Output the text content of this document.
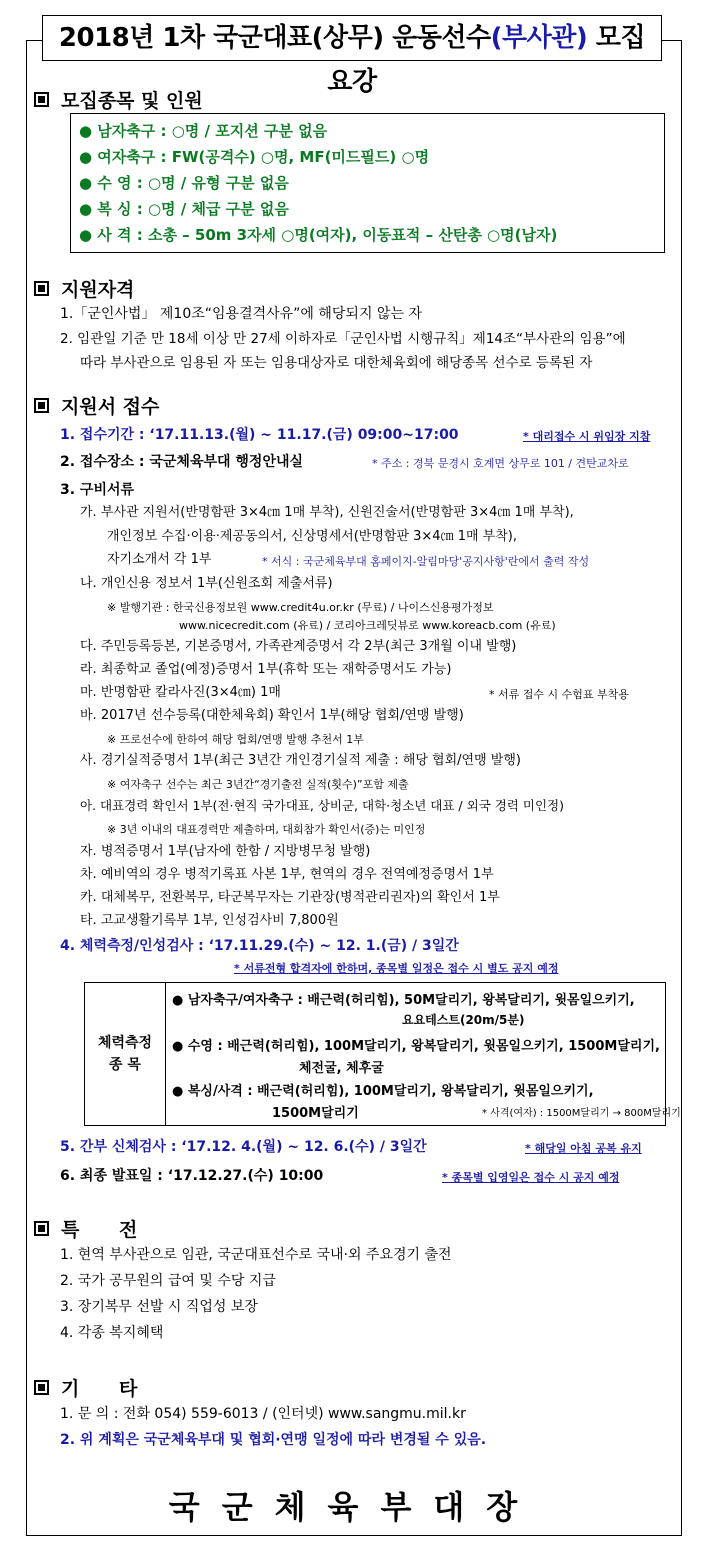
2018년 1차 국군대표(상무) 운동선수(부사관) 모집 요강
모집종목 및 인원
● 남자축구 : ○명 / 포지션 구분 없음
● 여자축구 : FW(공격수) ○명, MF(미드필드) ○명
● 수 영 : ○명 / 유형 구분 없음
● 복 싱 : ○명 / 체급 구분 없음
● 사 격 : 소총 – 50m 3자세 ○명(여자), 이동표적 – 산탄총 ○명(남자)
지원자격
1.「군인사법」 제10조“임용결격사유”에 해당되지 않는 자
2. 임관일 기준 만 18세 이상 만 27세 이하자로「군인사법 시행규칙」제14조“부사관의 임용”에
따라 부사관으로 임용된 자 또는 임용대상자로 대한체육회에 해당종목 선수로 등록된 자
지원서 접수
1. 접수기간 : ‘17.11.13.(월) ~ 11.17.(금) 09:00~17:00	* 대리접수 시 위임장 지참
2. 접수장소 : 국군체육부대 행정안내실	* 주소 : 경북 문경시 호계면 상무로 101 / 견탄교차로
3. 구비서류
가. 부사관 지원서(반명함판 3×4㎝ 1매 부착), 신원진술서(반명함판 3×4㎝ 1매 부착),
개인정보 수집·이용·제공동의서, 신상명세서(반명함판 3×4㎝ 1매 부착),
자기소개서 각 1부	* 서식 : 국군체육부대 홈페이지-알림마당'공지사항'란에서 출력 작성
나. 개인신용 정보서 1부(신원조회 제출서류)
※ 발행기관 : 한국신용정보원 www.credit4u.or.kr (무료) / 나이스신용평가정보
www.nicecredit.com (유료) / 코리아크레딧뷰로 www.koreacb.com (유료)
다. 주민등록등본, 기본증명서, 가족관계증명서 각 2부(최근 3개월 이내 발행)
라. 최종학교 졸업(예정)증명서 1부(휴학 또는 재학증명서도 가능)
마. 반명함판 칼라사진(3×4㎝) 1매	* 서류 접수 시 수험표 부착용
바. 2017년 선수등록(대한체육회) 확인서 1부(해당 협회/연맹 발행)
※ 프로선수에 한하여 해당 협회/연맹 발행 추천서 1부
사. 경기실적증명서 1부(최근 3년간 개인경기실적 제출 : 해당 협회/연맹 발행)
※ 여자축구 선수는 최근 3년간“경기출전 실적(횟수)”포함 제출
아. 대표경력 확인서 1부(전·현직 국가대표, 상비군, 대학·청소년 대표 / 외국 경력 미인정)
※ 3년 이내의 대표경력만 제출하며, 대회참가 확인서(증)는 미인정
자. 병적증명서 1부(남자에 한함 / 지방병무청 발행)
차. 예비역의 경우 병적기록표 사본 1부, 현역의 경우 전역예정증명서 1부
카. 대체복무, 전환복무, 타군복무자는 기관장(병적관리권자)의 확인서 1부
타. 고교생활기록부 1부, 인성검사비 7,800원
4. 체력측정/인성검사 : ‘17.11.29.(수) ~ 12. 1.(금) / 3일간
* 서류전형 합격자에 한하며, 종목별 일정은 접수 시 별도 공지 예정
체력측정
종 목
● 남자축구/여자축구 : 배근력(허리힘), 50M달리기, 왕복달리기, 윗몸일으키기,
요요테스트(20m/5분)
● 수영 : 배근력(허리힘), 100M달리기, 왕복달리기, 윗몸일으키기, 1500M달리기,
체전굴, 체후굴
● 복싱/사격 : 배근력(허리힘), 100M달리기, 왕복달리기, 윗몸일으키기,
1500M달리기	* 사격(여자) : 1500M달리기 → 800M달리기
5. 간부 신체검사 : ‘17.12. 4.(월) ~ 12. 6.(수) / 3일간	* 해당일 아침 공복 유지
6. 최종 발표일 : ‘17.12.27.(수) 10:00	* 종목별 입영일은 접수 시 공지 예정
특      전
1. 현역 부사관으로 임관, 국군대표선수로 국내·외 주요경기 출전
2. 국가 공무원의 급여 및 수당 지급
3. 장기복무 선발 시 직업성 보장
4. 각종 복지혜택
기      타
1. 문 의 : 전화 054) 559-6013 / (인터넷) www.sangmu.mil.kr
2. 위 계획은 국군체육부대 및 협회·연맹 일정에 따라 변경될 수 있음.
국군체육부대장
